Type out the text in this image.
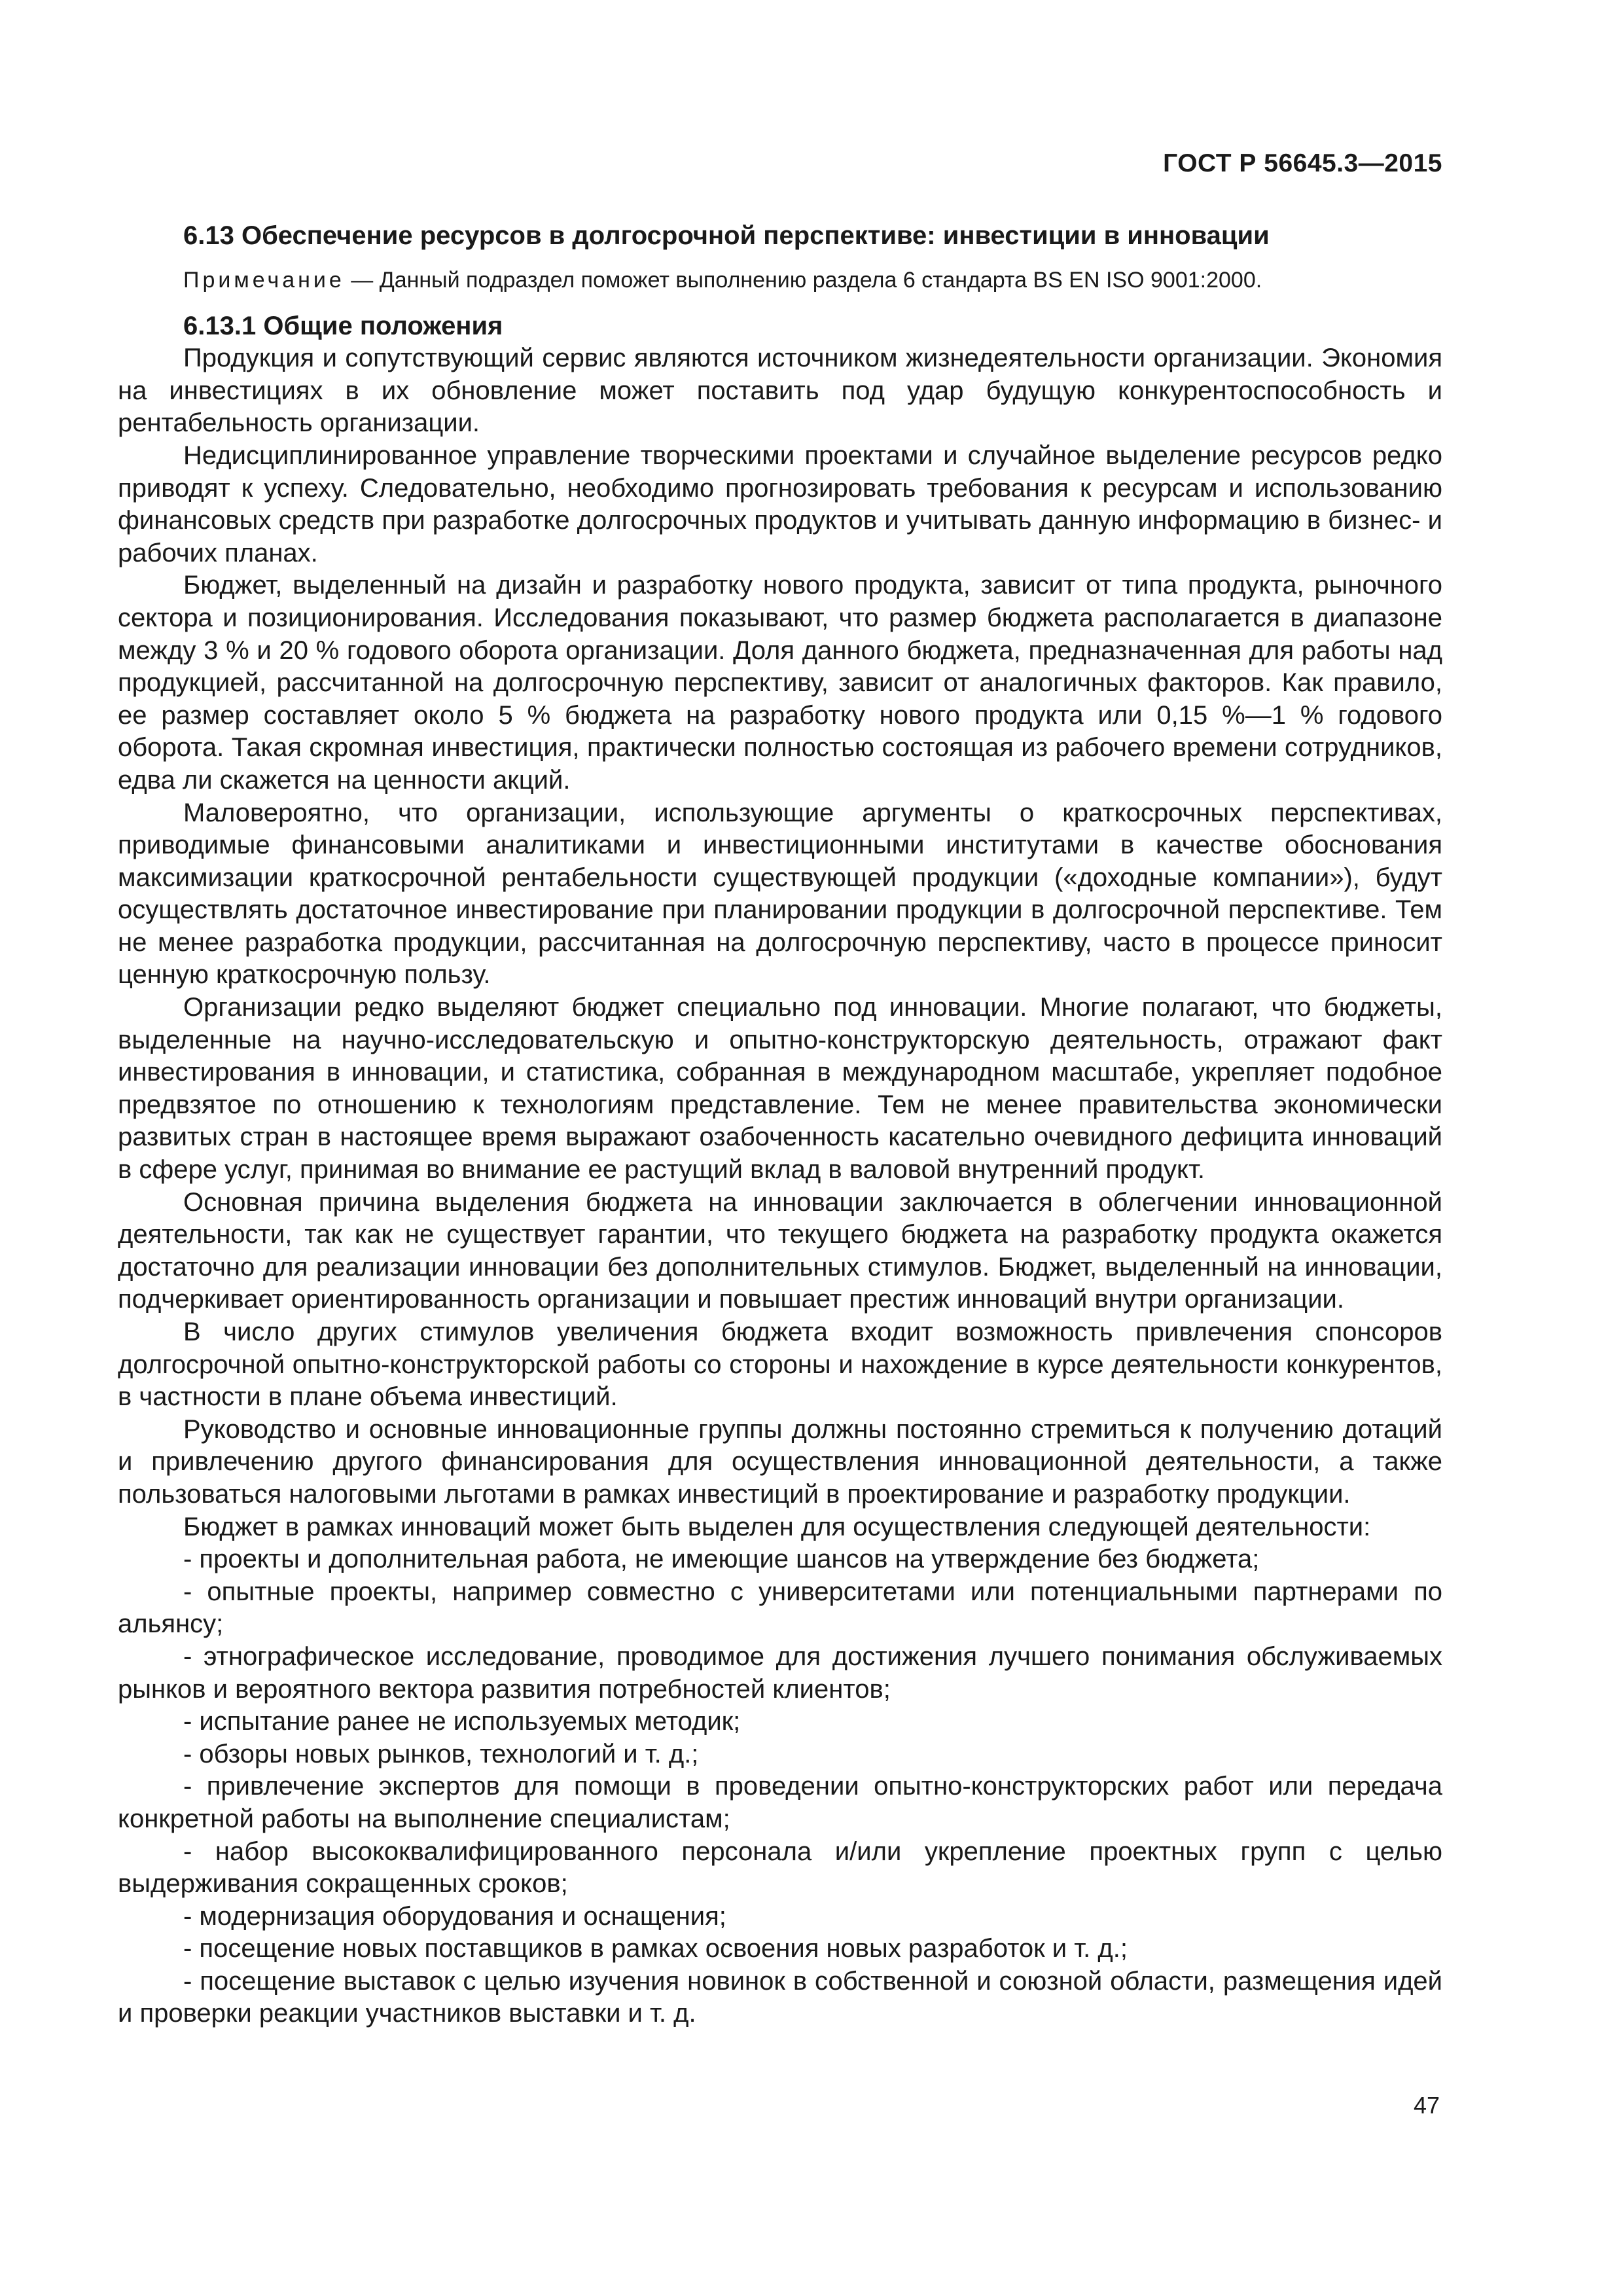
ГОСТ Р 56645.3—2015
6.13 Обеспечение ресурсов в долгосрочной перспективе: инвестиции в инновации
Примечание — Данный подраздел поможет выполнению раздела 6 стандарта BS EN ISO 9001:2000.
6.13.1 Общие положения

Продукция и сопутствующий сервис являются источником жизнедеятельности организации. Экономия на инвестициях в их обновление может поставить под удар будущую конкурентоспособность и рентабельность организации.

Недисциплинированное управление творческими проектами и случайное выделение ресурсов редко приводят к успеху. Следовательно, необходимо прогнозировать требования к ресурсам и использованию финансовых средств при разработке долгосрочных продуктов и учитывать данную информацию в бизнес- и рабочих планах.

Бюджет, выделенный на дизайн и разработку нового продукта, зависит от типа продукта, рыночного сектора и позиционирования. Исследования показывают, что размер бюджета располагается в диапазоне между 3 % и 20 % годового оборота организации. Доля данного бюджета, предназначенная для работы над продукцией, рассчитанной на долгосрочную перспективу, зависит от аналогичных факторов. Как правило, ее размер составляет около 5 % бюджета на разработку нового продукта или 0,15 %—1 % годового оборота. Такая скромная инвестиция, практически полностью состоящая из рабочего времени сотрудников, едва ли скажется на ценности акций.

Маловероятно, что организации, использующие аргументы о краткосрочных перспективах, приводимые финансовыми аналитиками и инвестиционными институтами в качестве обоснования максимизации краткосрочной рентабельности существующей продукции («доходные компании»), будут осуществлять достаточное инвестирование при планировании продукции в долгосрочной перспективе. Тем не менее разработка продукции, рассчитанная на долгосрочную перспективу, часто в процессе приносит ценную краткосрочную пользу.

Организации редко выделяют бюджет специально под инновации. Многие полагают, что бюджеты, выделенные на научно-исследовательскую и опытно-конструкторскую деятельность, отражают факт инвестирования в инновации, и статистика, собранная в международном масштабе, укрепляет подобное предвзятое по отношению к технологиям представление. Тем не менее правительства экономически развитых стран в настоящее время выражают озабоченность касательно очевидного дефицита инноваций в сфере услуг, принимая во внимание ее растущий вклад в валовой внутренний продукт.

Основная причина выделения бюджета на инновации заключается в облегчении инновационной деятельности, так как не существует гарантии, что текущего бюджета на разработку продукта окажется достаточно для реализации инновации без дополнительных стимулов. Бюджет, выделенный на инновации, подчеркивает ориентированность организации и повышает престиж инноваций внутри организации.

В число других стимулов увеличения бюджета входит возможность привлечения спонсоров долгосрочной опытно-конструкторской работы со стороны и нахождение в курсе деятельности конкурентов, в частности в плане объема инвестиций.

Руководство и основные инновационные группы должны постоянно стремиться к получению дотаций и привлечению другого финансирования для осуществления инновационной деятельности, а также пользоваться налоговыми льготами в рамках инвестиций в проектирование и разработку продукции.

Бюджет в рамках инноваций может быть выделен для осуществления следующей деятельности:

- проекты и дополнительная работа, не имеющие шансов на утверждение без бюджета;

- опытные проекты, например совместно с университетами или потенциальными партнерами по альянсу;

- этнографическое исследование, проводимое для достижения лучшего понимания обслуживаемых рынков и вероятного вектора развития потребностей клиентов;

- испытание ранее не используемых методик;

- обзоры новых рынков, технологий и т. д.;

- привлечение экспертов для помощи в проведении опытно-конструкторских работ или передача конкретной работы на выполнение специалистам;

- набор высококвалифицированного персонала и/или укрепление проектных групп с целью выдерживания сокращенных сроков;

- модернизация оборудования и оснащения;

- посещение новых поставщиков в рамках освоения новых разработок и т. д.;

- посещение выставок с целью изучения новинок в собственной и союзной области, размещения идей и проверки реакции участников выставки и т. д.

47
